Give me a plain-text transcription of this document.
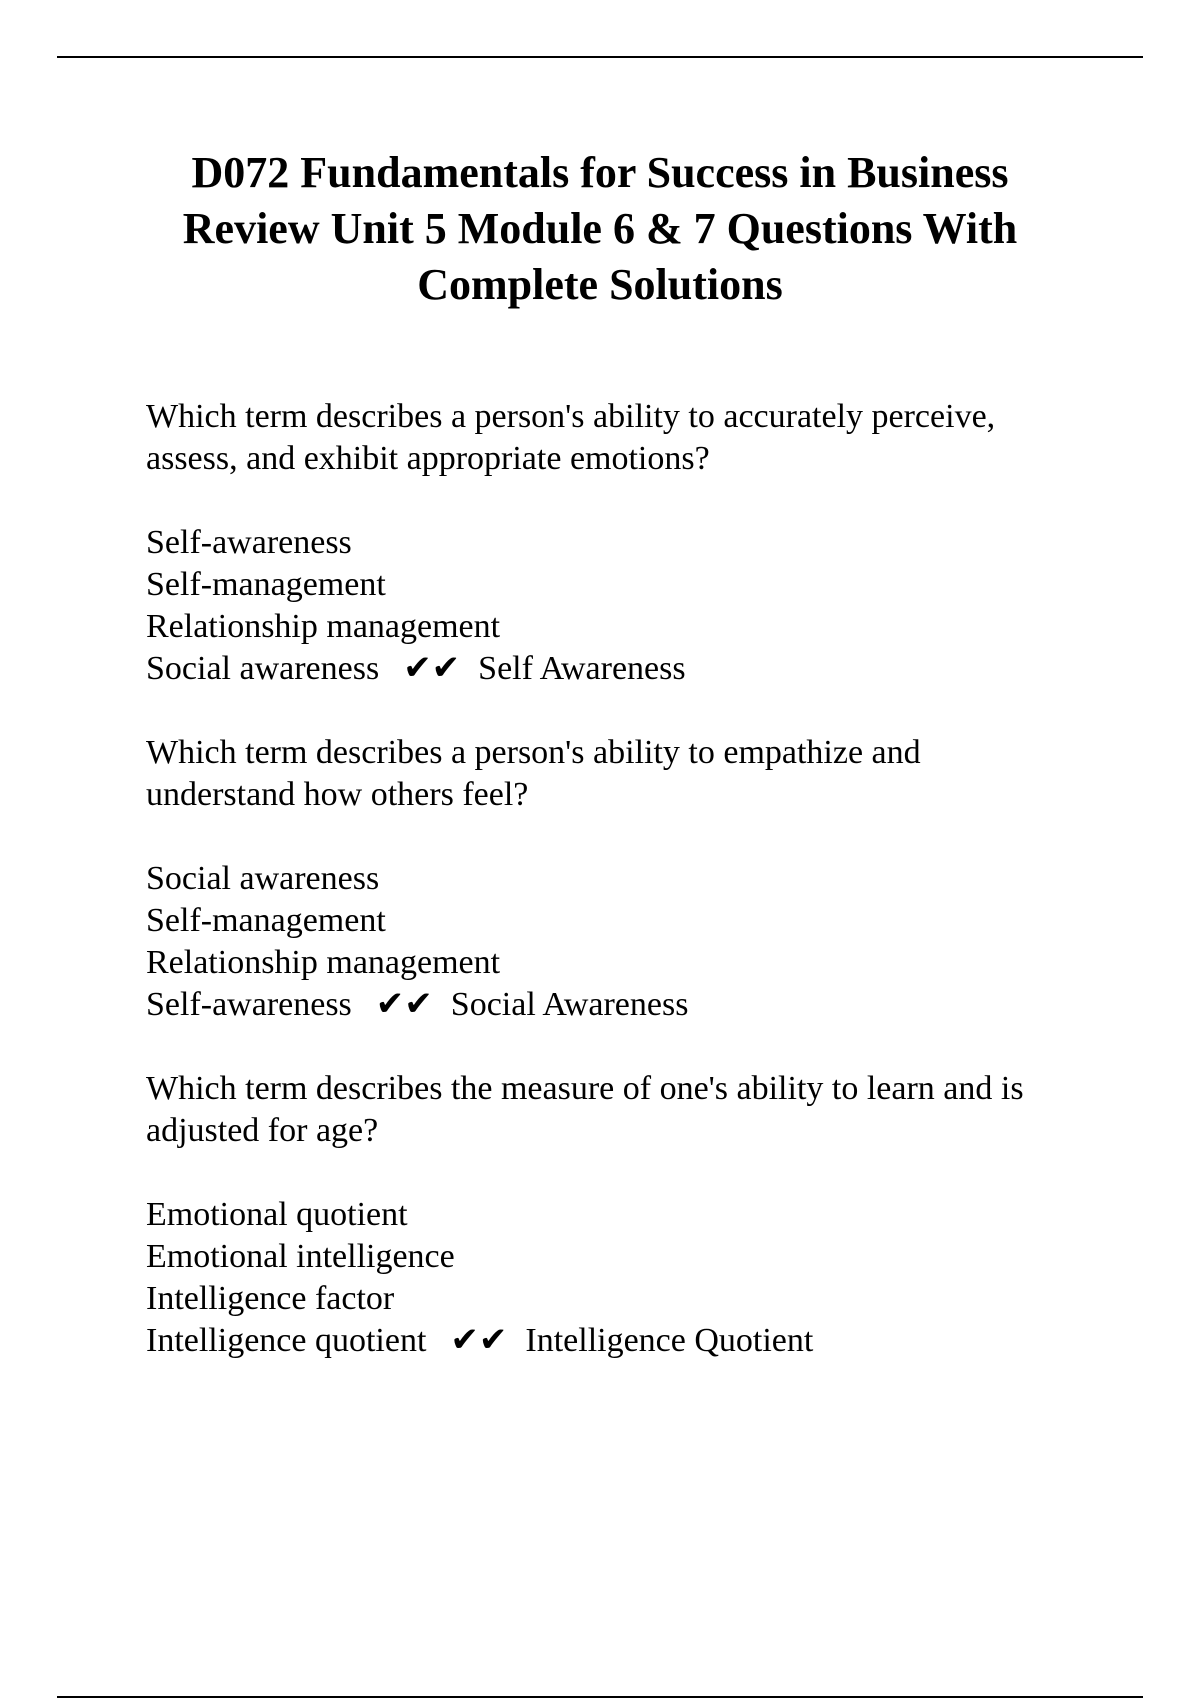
D072 Fundamentals for Success in Business
Review Unit 5 Module 6 & 7 Questions With
Complete Solutions

Which term describes a person's ability to accurately perceive,
assess, and exhibit appropriate emotions?

Self-awareness
Self-management
Relationship management
Social awareness ✔✔ Self Awareness

Which term describes a person's ability to empathize and
understand how others feel?

Social awareness
Self-management
Relationship management
Self-awareness ✔✔ Social Awareness

Which term describes the measure of one's ability to learn and is
adjusted for age?

Emotional quotient
Emotional intelligence
Intelligence factor
Intelligence quotient ✔✔ Intelligence Quotient
